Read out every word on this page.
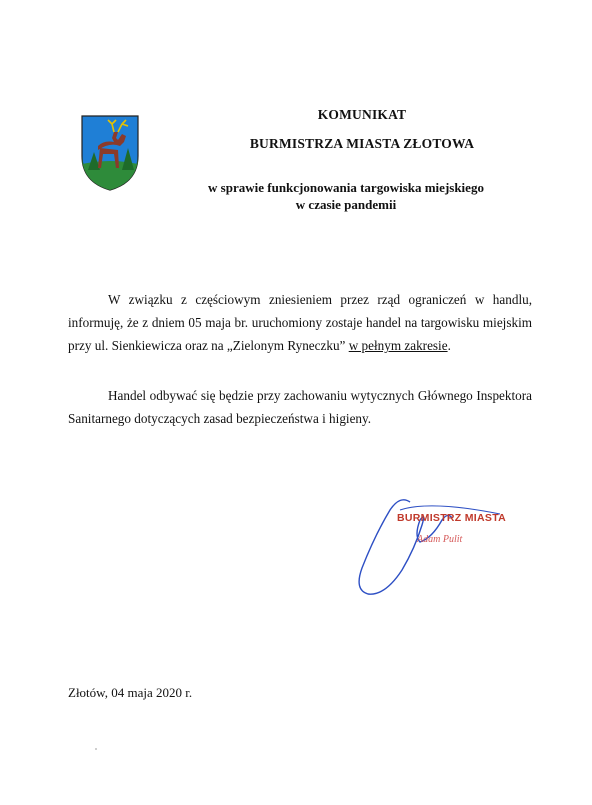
KOMUNIKAT
BURMISTRZA MIASTA ZŁOTOWA
w sprawie funkcjonowania targowiska miejskiego
w czasie pandemii
W związku z częściowym zniesieniem przez rząd ograniczeń w handlu, informuję, że z dniem 05 maja br. uruchomiony zostaje handel na targowisku miejskim przy ul. Sienkiewicza oraz na „Zielonym Ryneczku” w pełnym zakresie.
Handel odbywać się będzie przy zachowaniu wytycznych Głównego Inspektora Sanitarnego dotyczących zasad bezpieczeństwa i higieny.
BURMISTRZ MIASTA
Adam Pulit
Złotów, 04 maja 2020 r.
